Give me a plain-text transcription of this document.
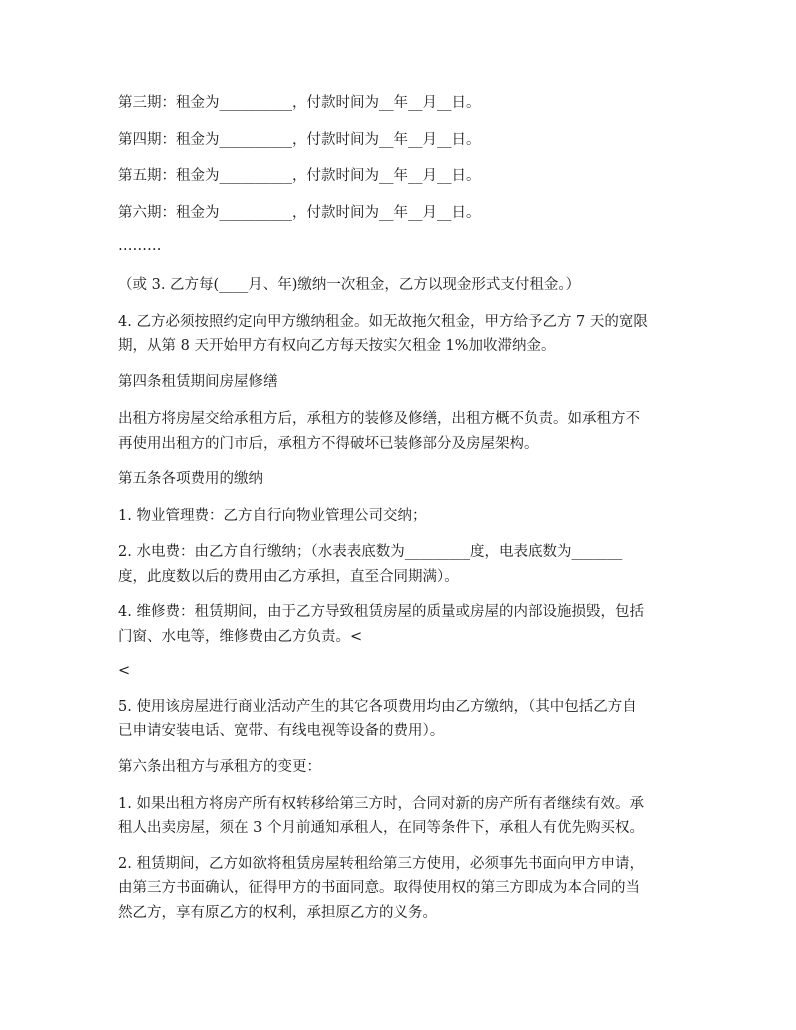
第三期：租金为__________，付款时间为__年__月__日。
第四期：租金为__________，付款时间为__年__月__日。
第五期：租金为__________，付款时间为__年__月__日。
第六期：租金为__________，付款时间为__年__月__日。
………
（或 3. 乙方每(____月、年)缴纳一次租金，乙方以现金形式支付租金。）
4. 乙方必须按照约定向甲方缴纳租金。如无故拖欠租金，甲方给予乙方 7 天的宽限
期，从第 8 天开始甲方有权向乙方每天按实欠租金 1%加收滞纳金。
第四条租赁期间房屋修缮
出租方将房屋交给承租方后，承租方的装修及修缮，出租方概不负责。如承租方不
再使用出租方的门市后，承租方不得破坏已装修部分及房屋架构。
第五条各项费用的缴纳
1. 物业管理费：乙方自行向物业管理公司交纳；
2. 水电费：由乙方自行缴纳；（水表表底数为_________度，电表底数为_______
度，此度数以后的费用由乙方承担，直至合同期满）。
4. 维修费：租赁期间，由于乙方导致租赁房屋的质量或房屋的内部设施损毁，包括
门窗、水电等，维修费由乙方负责。<
<
5. 使用该房屋进行商业活动产生的其它各项费用均由乙方缴纳，（其中包括乙方自
已申请安装电话、宽带、有线电视等设备的费用）。
第六条出租方与承租方的变更：
1. 如果出租方将房产所有权转移给第三方时，合同对新的房产所有者继续有效。承
租人出卖房屋，须在 3 个月前通知承租人，在同等条件下，承租人有优先购买权。
2. 租赁期间，乙方如欲将租赁房屋转租给第三方使用，必须事先书面向甲方申请，
由第三方书面确认，征得甲方的书面同意。取得使用权的第三方即成为本合同的当
然乙方，享有原乙方的权利，承担原乙方的义务。
